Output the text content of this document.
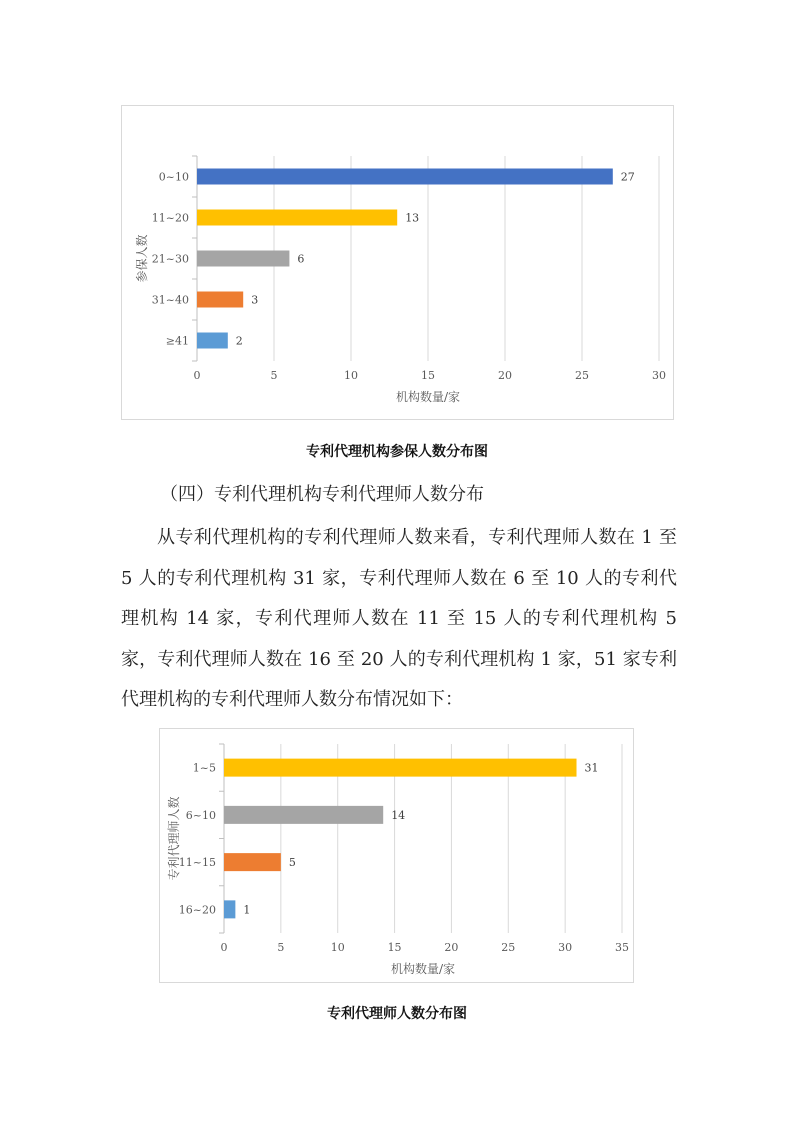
0	5	10	15	20	25	30
0~10	27
11~20	13
21~30	6
31~40	3
≥41	2
机构数量/家
参保人数
专利代理机构参保人数分布图
（四）专利代理机构专利代理师人数分布

从专利代理机构的专利代理师人数来看，专利代理师人数在 1 至 5 人的专利代理机构 31 家，专利代理师人数在 6 至 10 人的专利代理机构 14 家，专利代理师人数在 11 至 15 人的专利代理机构 5 家，专利代理师人数在 16 至 20 人的专利代理机构 1 家，51 家专利代理机构的专利代理师人数分布情况如下：

0	5	10	15	20	25	30	35
1~5	31
6~10	14
11~15	5
16~20 1
机构数量/家
专利代理师人数
专利代理师人数分布图
